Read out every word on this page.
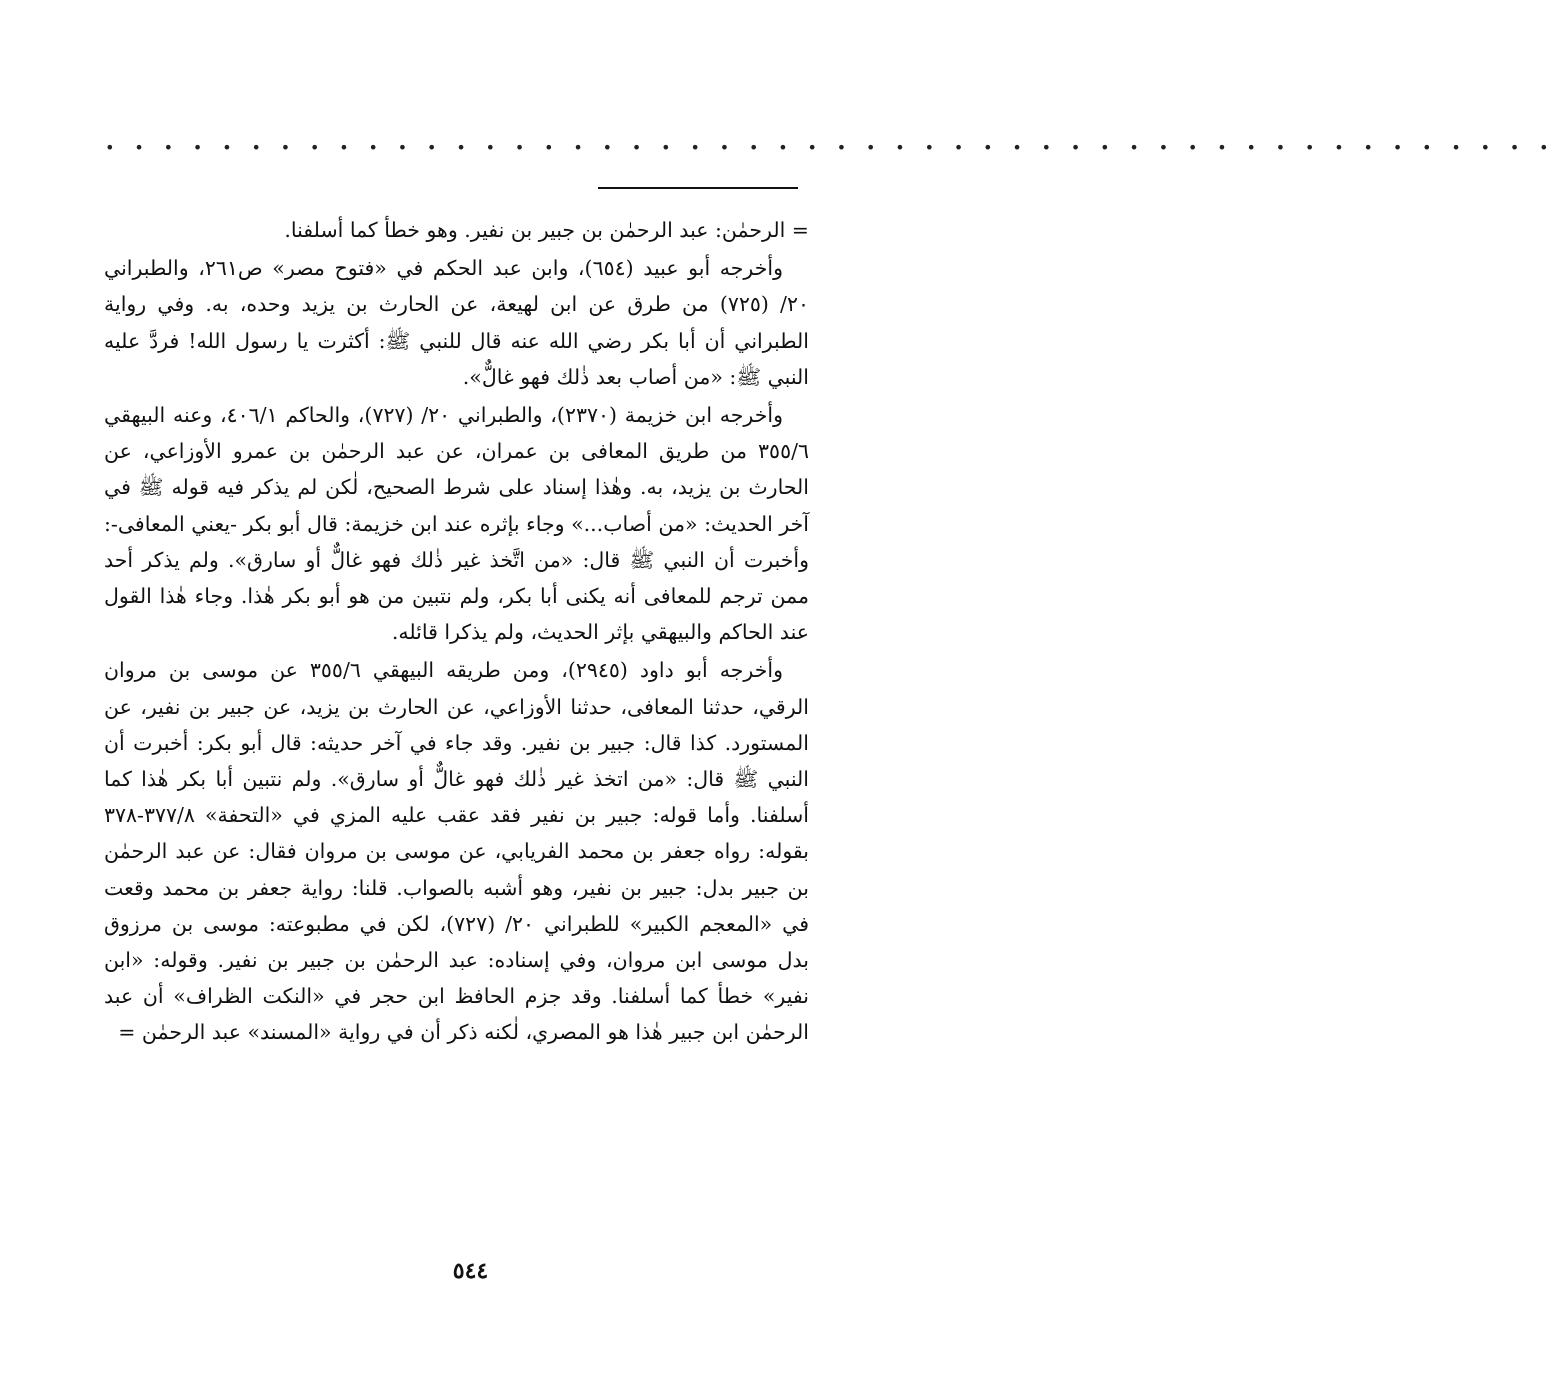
• • • • • • • • • • • • • • • • • • • • • • • • • • • • • • • • • • • • • • • • • • • • • • • • • •

= الرحمٰن: عبد الرحمٰن بن جبير بن نفير. وهو خطأ كما أسلفنا.

وأخرجه أبو عبيد (٦٥٤)، وابن عبد الحكم في «فتوح مصر» ص٢٦١، والطبراني ٢٠/ (٧٢٥) من طرق عن ابن لهيعة، عن الحارث بن يزيد وحده، به. وفي رواية الطبراني أن أبا بكر رضي الله عنه قال للنبي ﷺ: أكثرت يا رسول الله! فردَّ عليه النبي ﷺ: «من أصاب بعد ذٰلك فهو غالٌّ».

وأخرجه ابن خزيمة (٢٣٧٠)، والطبراني ٢٠/ (٧٢٧)، والحاكم ٤٠٦/١، وعنه البيهقي ٣٥٥/٦ من طريق المعافى بن عمران، عن عبد الرحمٰن بن عمرو الأوزاعي، عن الحارث بن يزيد، به. وهٰذا إسناد على شرط الصحيح، لٰكن لم يذكر فيه قوله ﷺ في آخر الحديث: «من أصاب...» وجاء بإثره عند ابن خزيمة: قال أبو بكر -يعني المعافى-: وأخبرت أن النبي ﷺ قال: «من اتَّخذ غير ذٰلك فهو غالٌّ أو سارق». ولم يذكر أحد ممن ترجم للمعافى أنه يكنى أبا بكر، ولم نتبين من هو أبو بكر هٰذا. وجاء هٰذا القول عند الحاكم والبيهقي بإثر الحديث، ولم يذكرا قائله.

وأخرجه أبو داود (٢٩٤٥)، ومن طريقه البيهقي ٣٥٥/٦ عن موسى بن مروان الرقي، حدثنا المعافى، حدثنا الأوزاعي، عن الحارث بن يزيد، عن جبير بن نفير، عن المستورد. كذا قال: جبير بن نفير. وقد جاء في آخر حديثه: قال أبو بكر: أخبرت أن النبي ﷺ قال: «من اتخذ غير ذٰلك فهو غالٌّ أو سارق». ولم نتبين أبا بكر هٰذا كما أسلفنا. وأما قوله: جبير بن نفير فقد عقب عليه المزي في «التحفة» ٣٧٧/٨-٣٧٨ بقوله: رواه جعفر بن محمد الفريابي، عن موسى بن مروان فقال: عن عبد الرحمٰن بن جبير بدل: جبير بن نفير، وهو أشبه بالصواب. قلنا: رواية جعفر بن محمد وقعت في «المعجم الكبير» للطبراني ٢٠/ (٧٢٧)، لكن في مطبوعته: موسى بن مرزوق بدل موسى ابن مروان، وفي إسناده: عبد الرحمٰن بن جبير بن نفير. وقوله: «ابن نفير» خطأ كما أسلفنا. وقد جزم الحافظ ابن حجر في «النكت الظراف» أن عبد الرحمٰن ابن جبير هٰذا هو المصري، لٰكنه ذكر أن في رواية «المسند» عبد الرحمٰن =

٥٤٤
